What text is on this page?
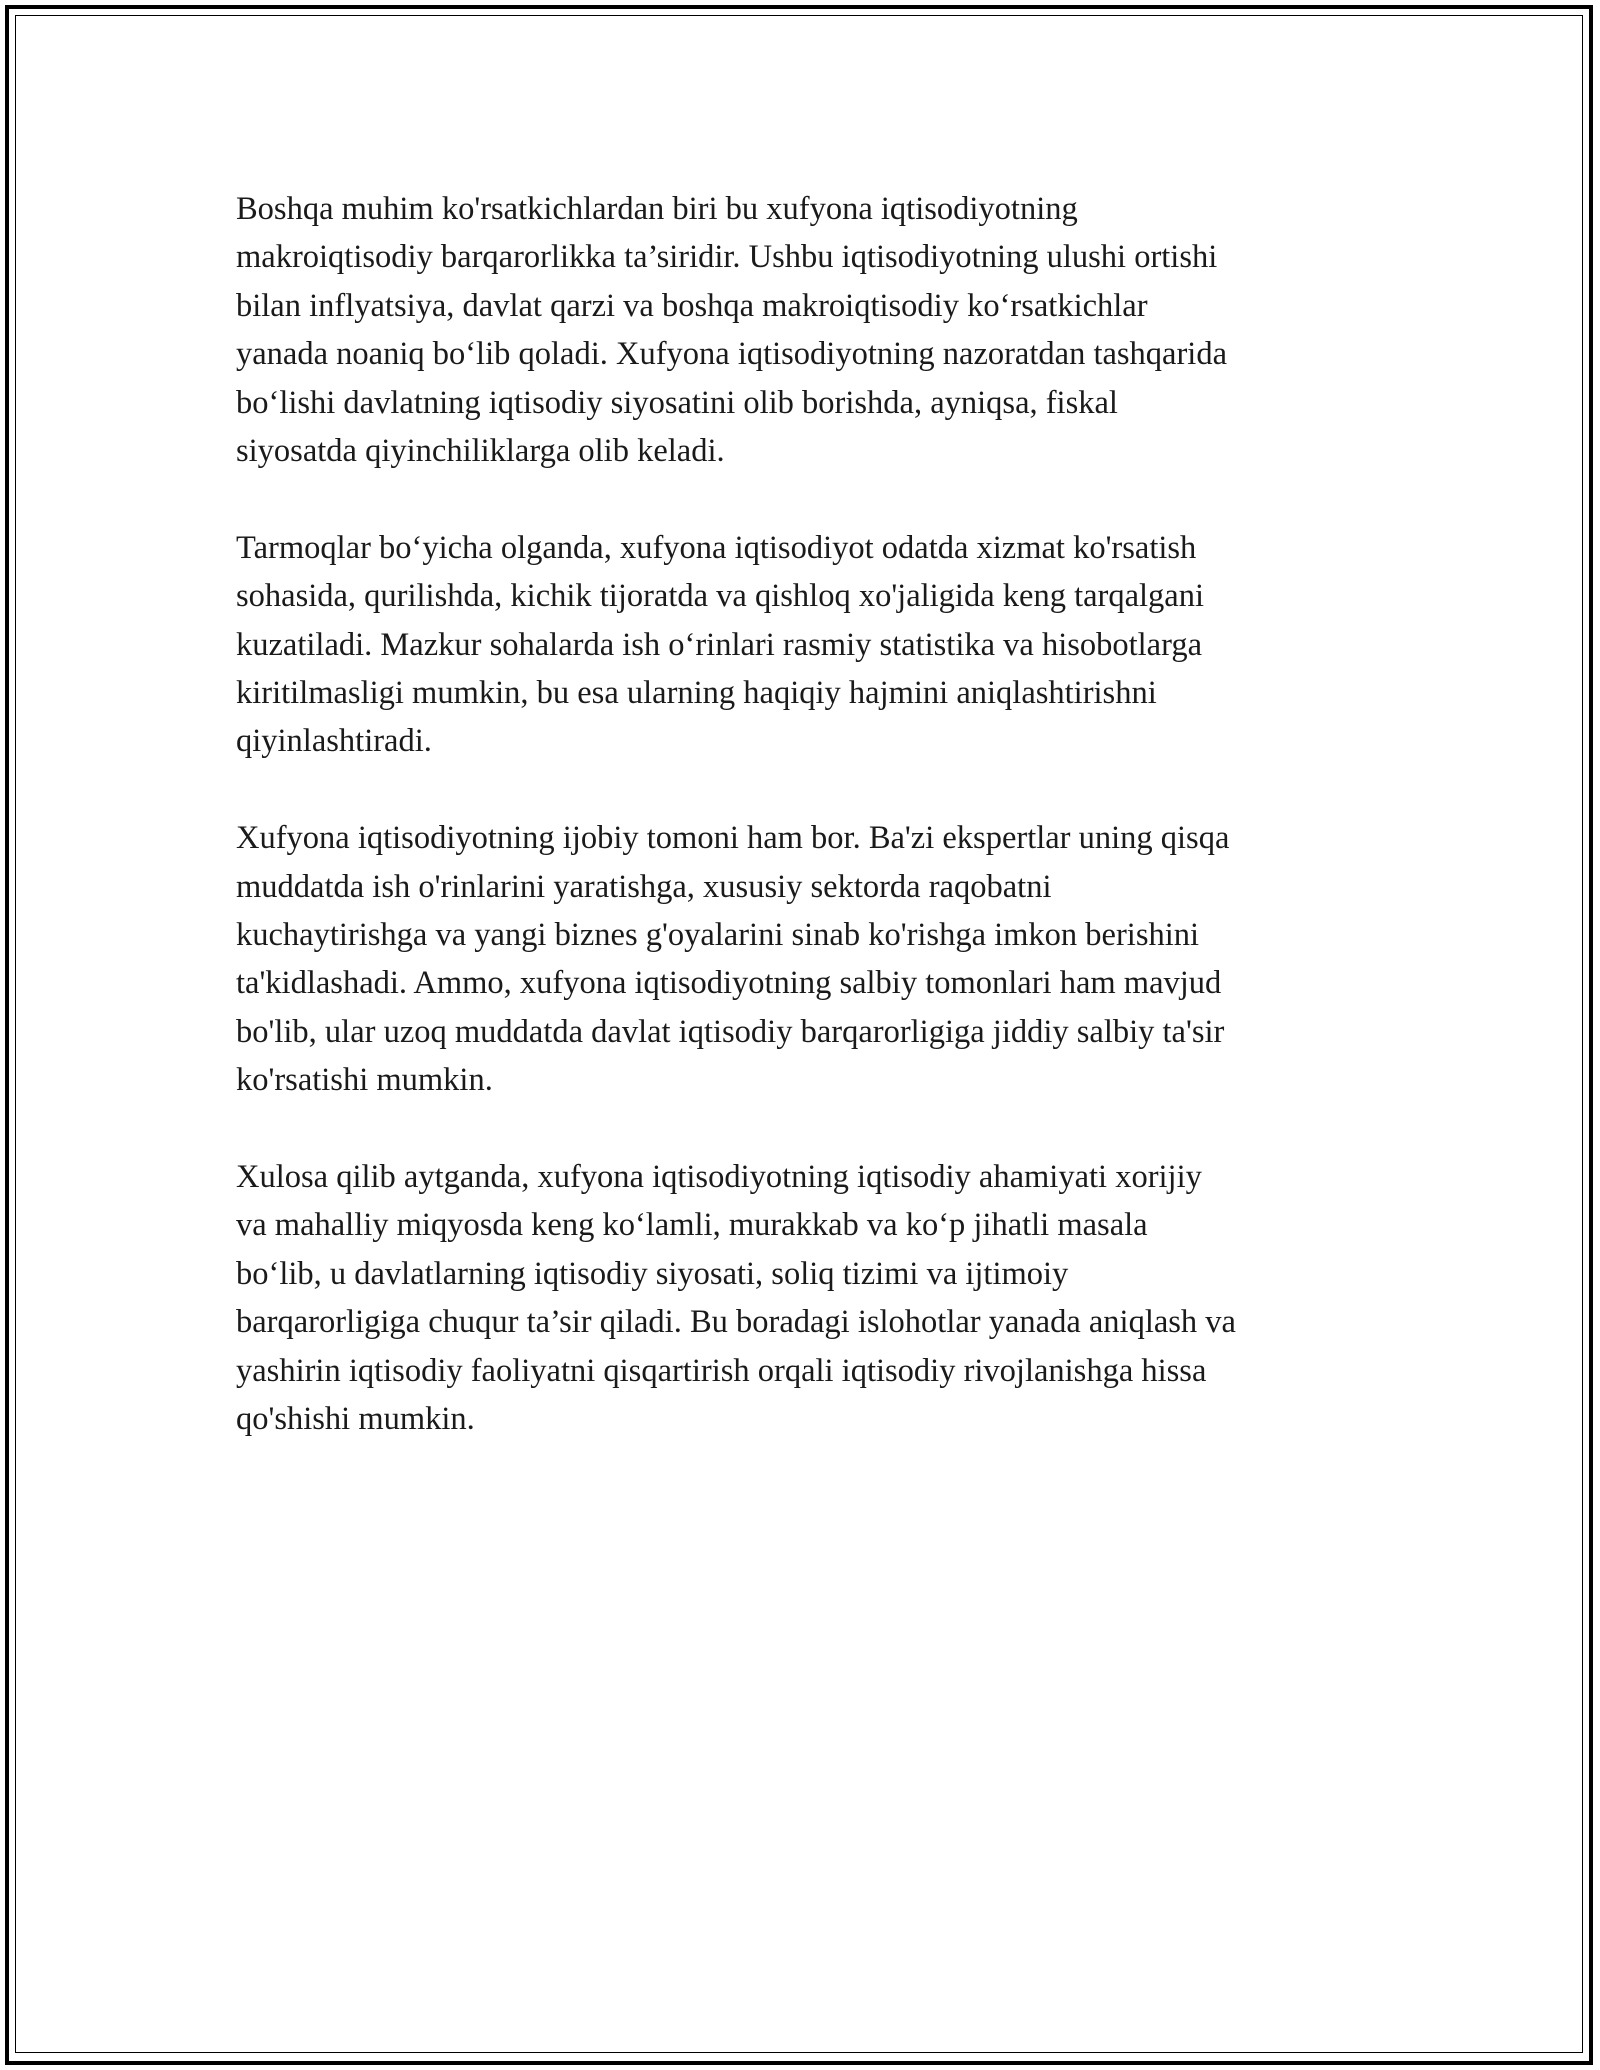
Boshqa muhim ko'rsatkichlardan biri bu xufyona iqtisodiyotning
makroiqtisodiy barqarorlikka ta’siridir. Ushbu iqtisodiyotning ulushi ortishi
bilan inflyatsiya, davlat qarzi va boshqa makroiqtisodiy ko‘rsatkichlar
yanada noaniq bo‘lib qoladi. Xufyona iqtisodiyotning nazoratdan tashqarida
bo‘lishi davlatning iqtisodiy siyosatini olib borishda, ayniqsa, fiskal
siyosatda qiyinchiliklarga olib keladi.

Tarmoqlar bo‘yicha olganda, xufyona iqtisodiyot odatda xizmat ko'rsatish
sohasida, qurilishda, kichik tijoratda va qishloq xo'jaligida keng tarqalgani
kuzatiladi. Mazkur sohalarda ish o‘rinlari rasmiy statistika va hisobotlarga
kiritilmasligi mumkin, bu esa ularning haqiqiy hajmini aniqlashtirishni
qiyinlashtiradi.

Xufyona iqtisodiyotning ijobiy tomoni ham bor. Ba'zi ekspertlar uning qisqa
muddatda ish o'rinlarini yaratishga, xususiy sektorda raqobatni
kuchaytirishga va yangi biznes g'oyalarini sinab ko'rishga imkon berishini
ta'kidlashadi. Ammo, xufyona iqtisodiyotning salbiy tomonlari ham mavjud
bo'lib, ular uzoq muddatda davlat iqtisodiy barqarorligiga jiddiy salbiy ta'sir
ko'rsatishi mumkin.

Xulosa qilib aytganda, xufyona iqtisodiyotning iqtisodiy ahamiyati xorijiy
va mahalliy miqyosda keng ko‘lamli, murakkab va ko‘p jihatli masala
bo‘lib, u davlatlarning iqtisodiy siyosati, soliq tizimi va ijtimoiy
barqarorligiga chuqur ta’sir qiladi. Bu boradagi islohotlar yanada aniqlash va
yashirin iqtisodiy faoliyatni qisqartirish orqali iqtisodiy rivojlanishga hissa
qo'shishi mumkin.
